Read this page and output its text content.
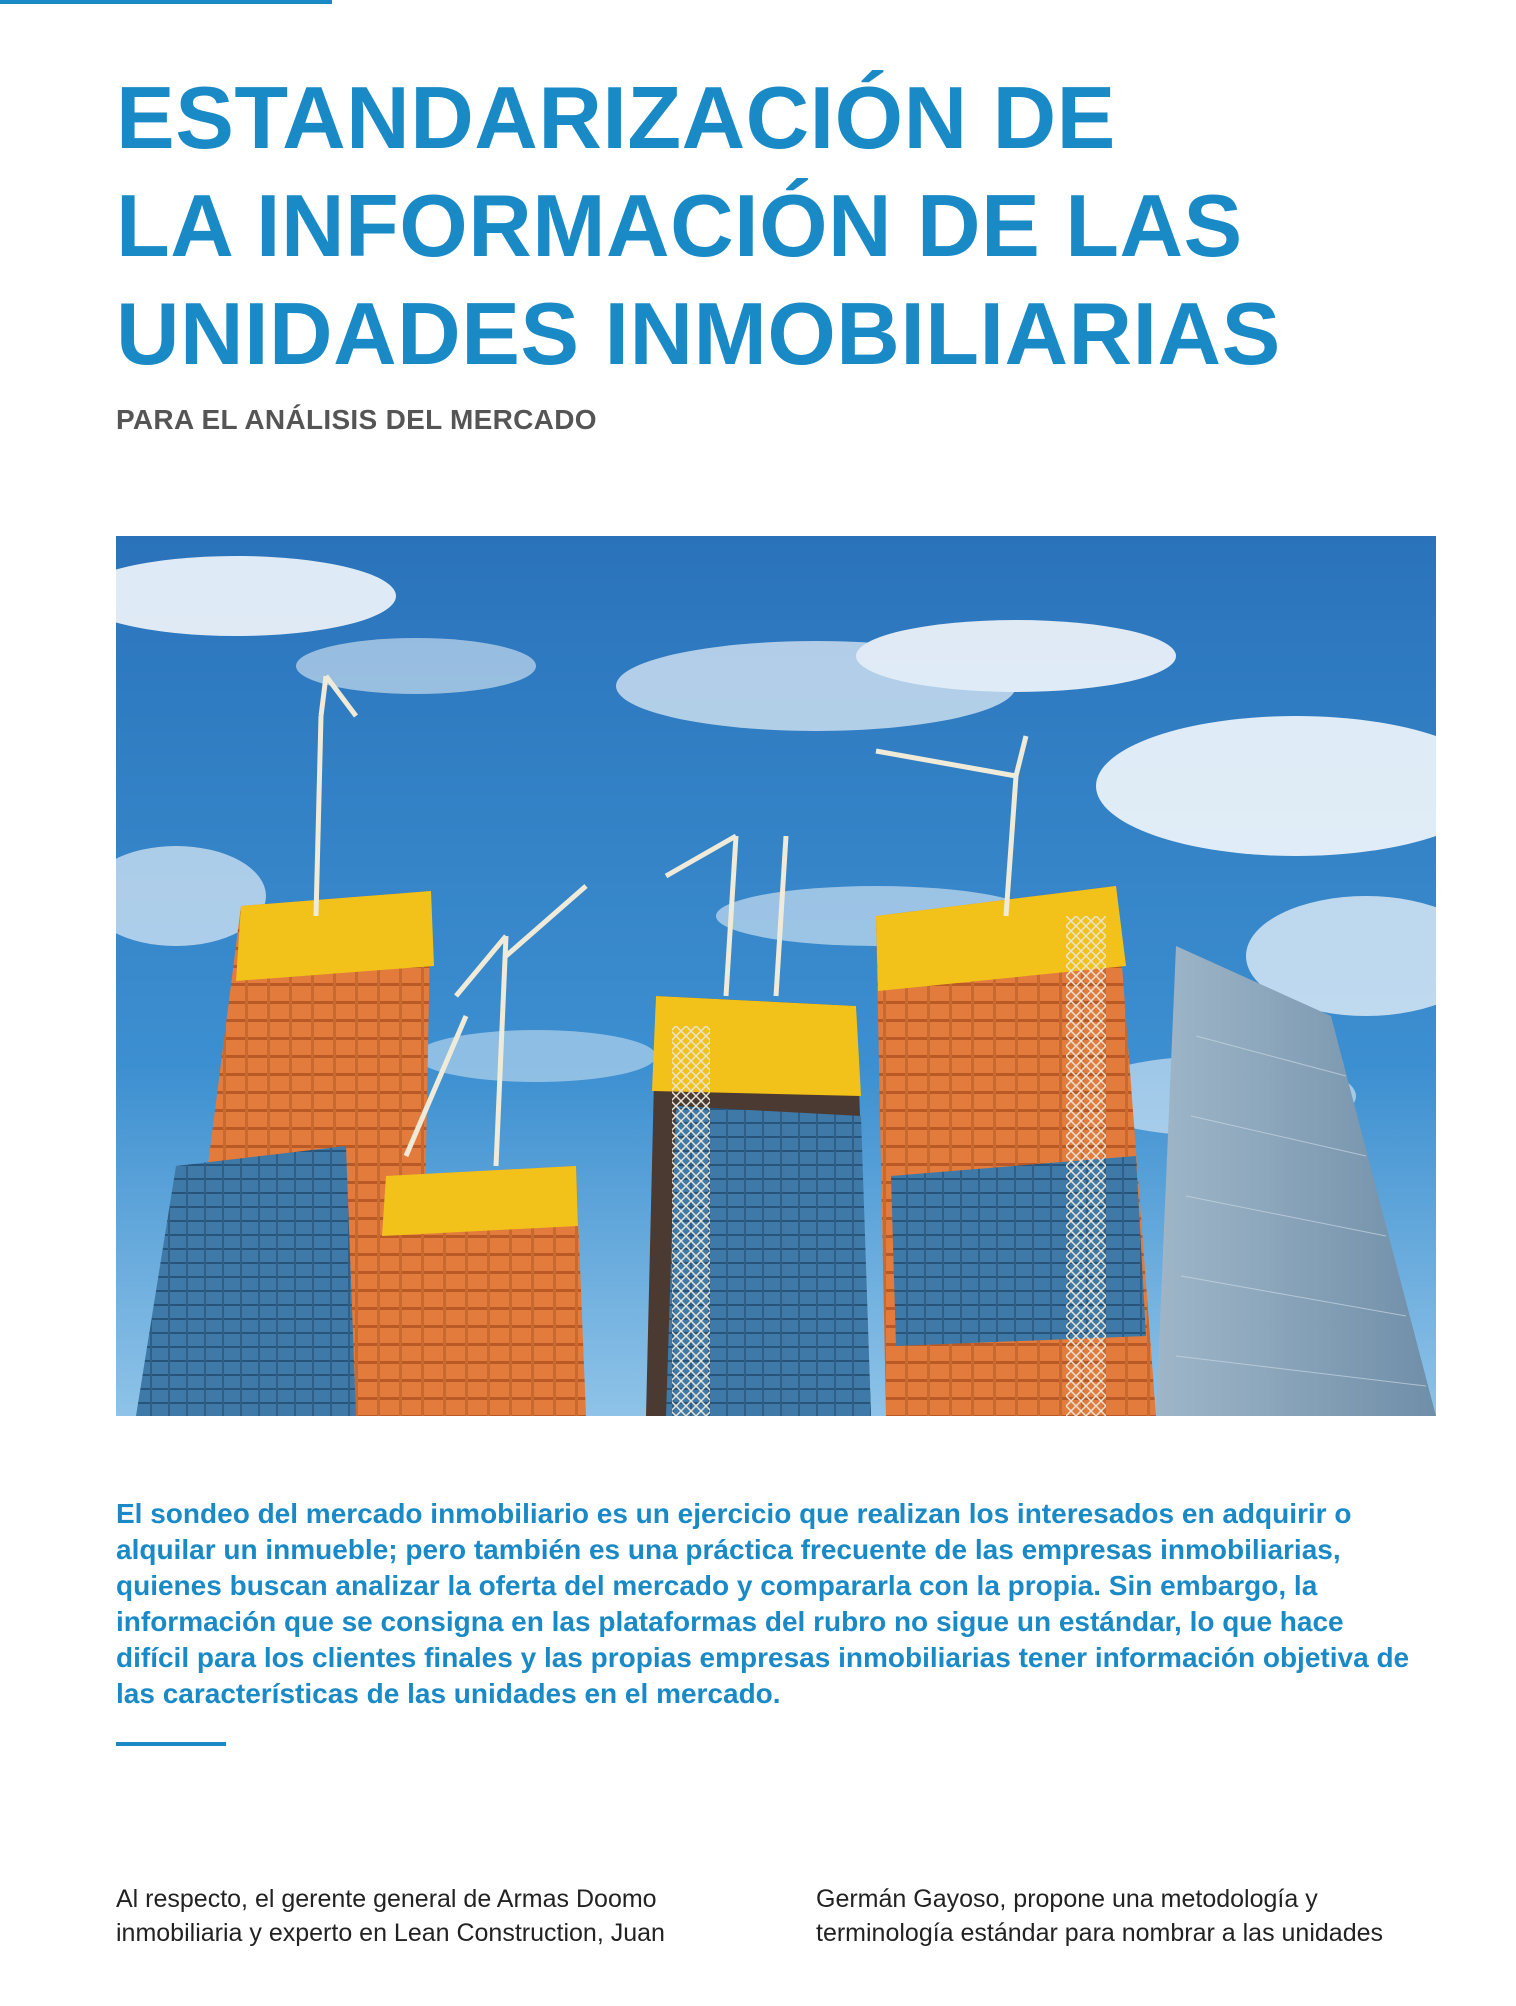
ESTANDARIZACIÓN DE
LA INFORMACIÓN DE LAS
UNIDADES INMOBILIARIAS
PARA EL ANÁLISIS DEL MERCADO
El sondeo del mercado inmobiliario es un ejercicio que realizan los interesados en adquirir o
alquilar un inmueble; pero también es una práctica frecuente de las empresas inmobiliarias,
quienes buscan analizar la oferta del mercado y compararla con la propia. Sin embargo, la
información que se consigna en las plataformas del rubro no sigue un estándar, lo que hace
difícil para los clientes finales y las propias empresas inmobiliarias tener información objetiva de
las características de las unidades en el mercado.
Al respecto, el gerente general de Armas Doomo
inmobiliaria y experto en Lean Construction, Juan
Germán Gayoso, propone una metodología y
terminología estándar para nombrar a las unidades
